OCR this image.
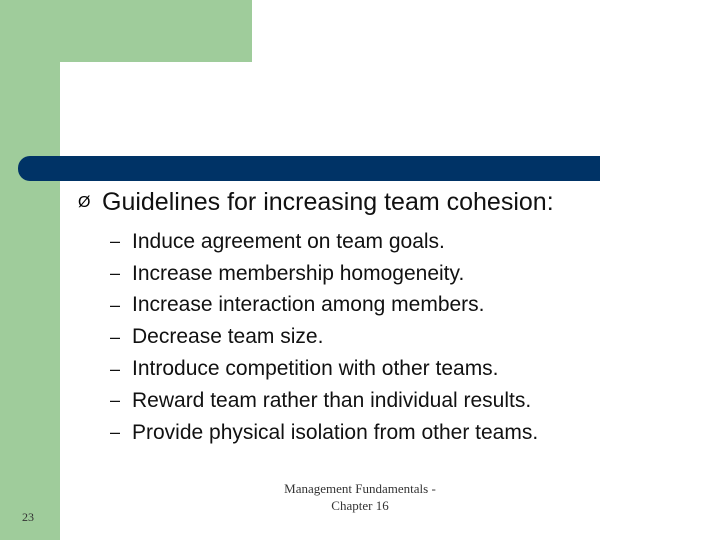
Ø Guidelines for increasing team cohesion:
– Induce agreement on team goals.
– Increase membership homogeneity.
– Increase interaction among members.
– Decrease team size.
– Introduce competition with other teams.
– Reward team rather than individual results.
– Provide physical isolation from other teams.
Management Fundamentals -
Chapter 16
23
